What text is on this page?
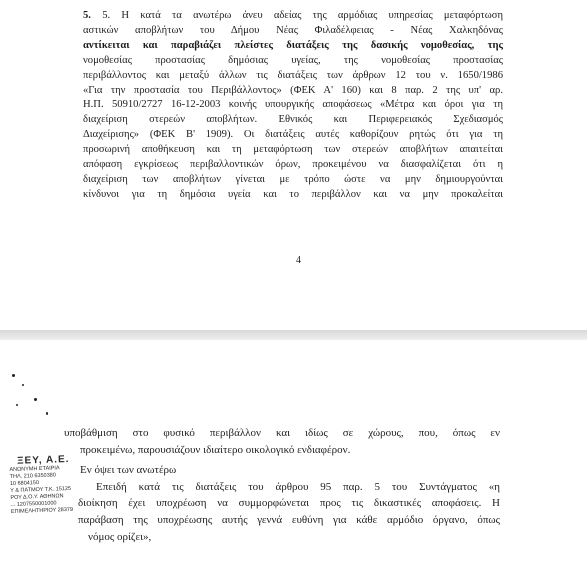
5. 5. Η κατά τα ανωτέρω άνευ αδείας της αρμόδιας υπηρεσίας μεταφόρτωση
αστικών αποβλήτων του Δήμου Νέας Φιλαδέλφειας - Νέας Χαλκηδόνας
αντίκειται και παραβιάζει πλείστες διατάξεις της δασικής νομοθεσίας, της
νομοθεσίας προστασίας δημόσιας υγείας, της νομοθεσίας προστασίας
περιβάλλοντος και μεταξύ άλλων τις διατάξεις των άρθρων 12 του ν. 1650/1986
«Για την προστασία του Περιβάλλοντος» (ΦΕΚ Α' 160) και 8 παρ. 2 της υπ' αρ.
Η.Π. 50910/2727 16-12-2003 κοινής υπουργικής αποφάσεως «Μέτρα και όροι για τη
διαχείριση στερεών αποβλήτων. Εθνικός και Περιφερειακός Σχεδιασμός
Διαχείρισης» (ΦΕΚ Β' 1909). Οι διατάξεις αυτές καθορίζουν ρητώς ότι για τη
προσωρινή αποθήκευση και τη μεταφόρτωση των στερεών αποβλήτων απαιτείται
απόφαση εγκρίσεως περιβαλλοντικών όρων, προκειμένου να διασφαλίζεται ότι η
διαχείριση των αποβλήτων γίνεται με τρόπο ώστε να μην δημιουργούνται
κίνδυνοι για τη δημόσια υγεία και το περιβάλλον και να μην προκαλείται
4
υποβάθμιση στο φυσικό περιβάλλον και ιδίως σε χώρους, που, όπως εν
προκειμένω, παρουσιάζουν ιδιαίτερο οικολογικό ενδιαφέρον.
Εν όψει των ανωτέρω
Επειδή κατά τις διατάξεις του άρθρου 95 παρ. 5 του Συντάγματος «η
διοίκηση έχει υποχρέωση να συμμορφώνεται προς τις δικαστικές αποφάσεις. Η
παράβαση της υποχρέωσης αυτής γεννά ευθύνη για κάθε αρμόδιο όργανο, όπως
νόμος ορίζει»,
ΞΕΥ, Α.Ε.
ΑΝΩΝΥΜΗ ΕΤΑΙΡΙΑ
ΤΗΛ. 210 6350380
10 6804150
Υ & ΠΑΤΜΟΥ Τ.Κ. 15125
ΡΟΥ Δ.Ο.Υ. ΑΘΗΝΩΝ
... 1207550001000
ΕΠΙΜΕΛΗΤΗΡΙΟΥ 28379
